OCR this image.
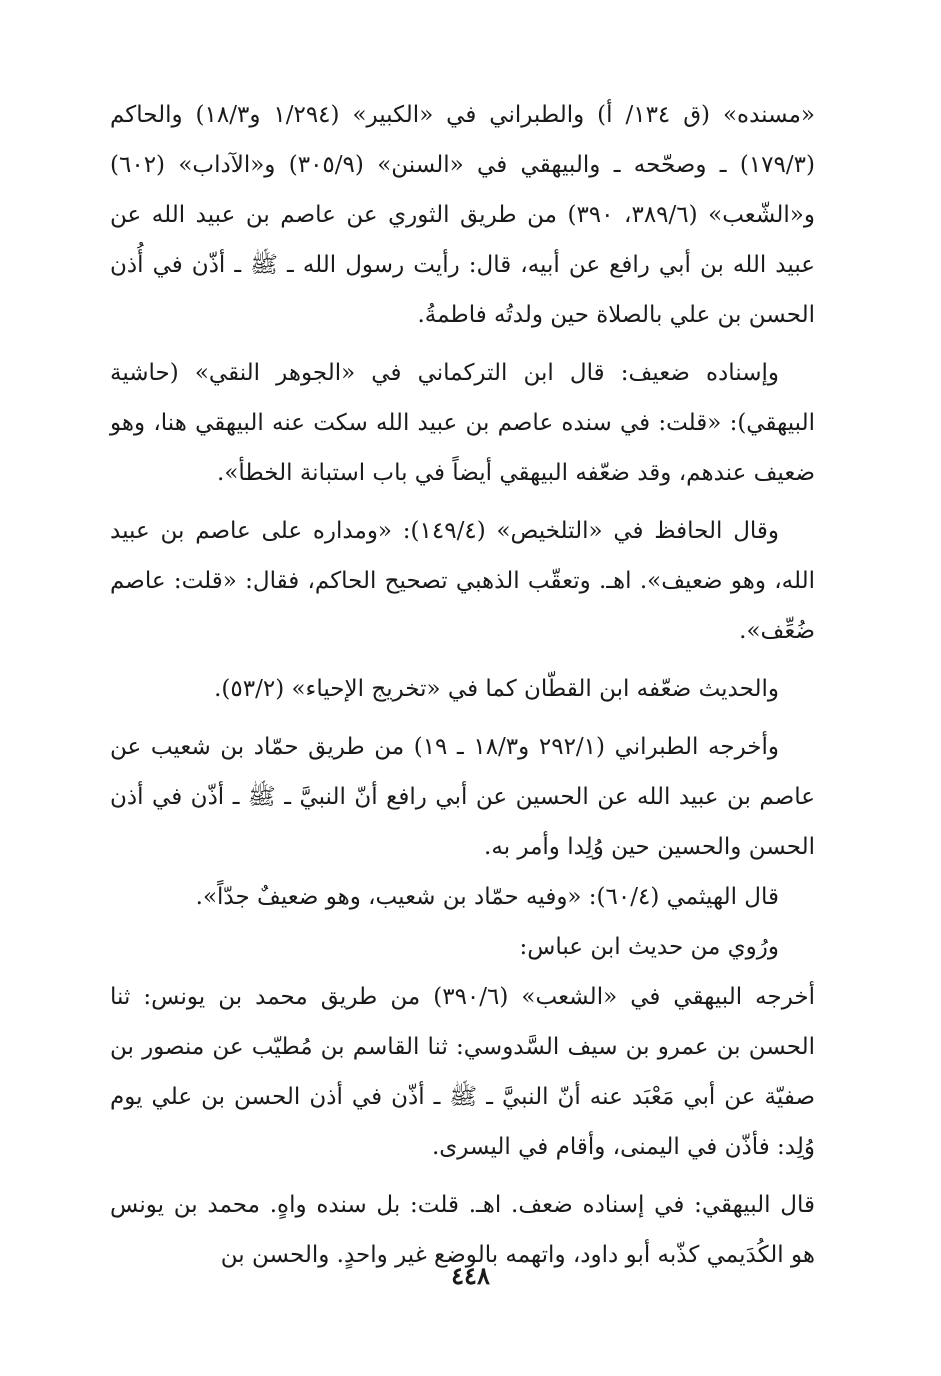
«مسنده» (ق ١٣٤/ أ) والطبراني في «الكبير» (١/٢٩٤ و١٨/٣) والحاكم (١٧٩/٣) ـ وصحّحه ـ والبيهقي في «السنن» (٣٠٥/٩) و«الآداب» (٦٠٢) و«الشّعب» (٣٨٩/٦، ٣٩٠) من طريق الثوري عن عاصم بن عبيد الله عن عبيد الله بن أبي رافع عن أبيه، قال: رأيت رسول الله ـ ﷺ ـ أذّن في أُذن الحسن بن علي بالصلاة حين ولدتُه فاطمةُ.

وإسناده ضعيف: قال ابن التركماني في «الجوهر النقي» (حاشية البيهقي): «قلت: في سنده عاصم بن عبيد الله سكت عنه البيهقي هنا، وهو ضعيف عندهم، وقد ضعّفه البيهقي أيضاً في باب استبانة الخطأ».

وقال الحافظ في «التلخيص» (١٤٩/٤): «ومداره على عاصم بن عبيد الله، وهو ضعيف». اهـ. وتعقّب الذهبي تصحيح الحاكم، فقال: «قلت: عاصم ضُعِّف».

والحديث ضعّفه ابن القطّان كما في «تخريج الإحياء» (٥٣/٢).

وأخرجه الطبراني (٢٩٢/١ و١٨/٣ ـ ١٩) من طريق حمّاد بن شعيب عن عاصم بن عبيد الله عن الحسين عن أبي رافع أنّ النبيَّ ـ ﷺ ـ أذّن في أذن الحسن والحسين حين وُلِدا وأمر به.

قال الهيثمي (٦٠/٤): «وفيه حمّاد بن شعيب، وهو ضعيفٌ جدّاً».

ورُوي من حديث ابن عباس:

أخرجه البيهقي في «الشعب» (٣٩٠/٦) من طريق محمد بن يونس: ثنا الحسن بن عمرو بن سيف السَّدوسي: ثنا القاسم بن مُطيّب عن منصور بن صفيّة عن أبي مَعْبَد عنه أنّ النبيَّ ـ ﷺ ـ أذّن في أذن الحسن بن علي يوم وُلِد: فأذّن في اليمنى، وأقام في اليسرى.

قال البيهقي: في إسناده ضعف. اهـ. قلت: بل سنده واهٍ. محمد بن يونس هو الكُدَيمي كذّبه أبو داود، واتهمه بالوضع غير واحدٍ. والحسن بن

٤٤٨
